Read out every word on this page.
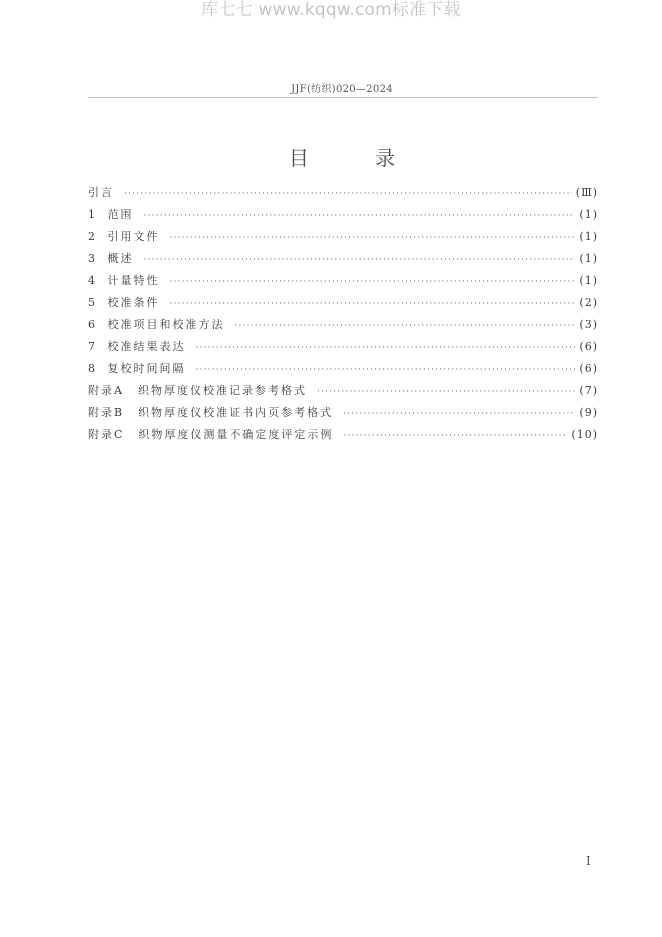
库七七 www.kqqw.com标准下载
JJF(纺织)020—2024
目 录
引言 ·····	(Ⅲ)
1 范围 ·····	(1)
2 引用文件 ·····	(1)
3 概述 ·····	(1)
4 计量特性 ·····	(1)
5 校准条件 ·····	(2)
6 校准项目和校准方法 ·····	(3)
7 校准结果表达 ·····	(6)
8 复校时间间隔 ·····	(6)
附录A 织物厚度仪校准记录参考格式 ·····	(7)
附录B 织物厚度仪校准证书内页参考格式 ·····	(9)
附录C 织物厚度仪测量不确定度评定示例 ·····	(10)
I
